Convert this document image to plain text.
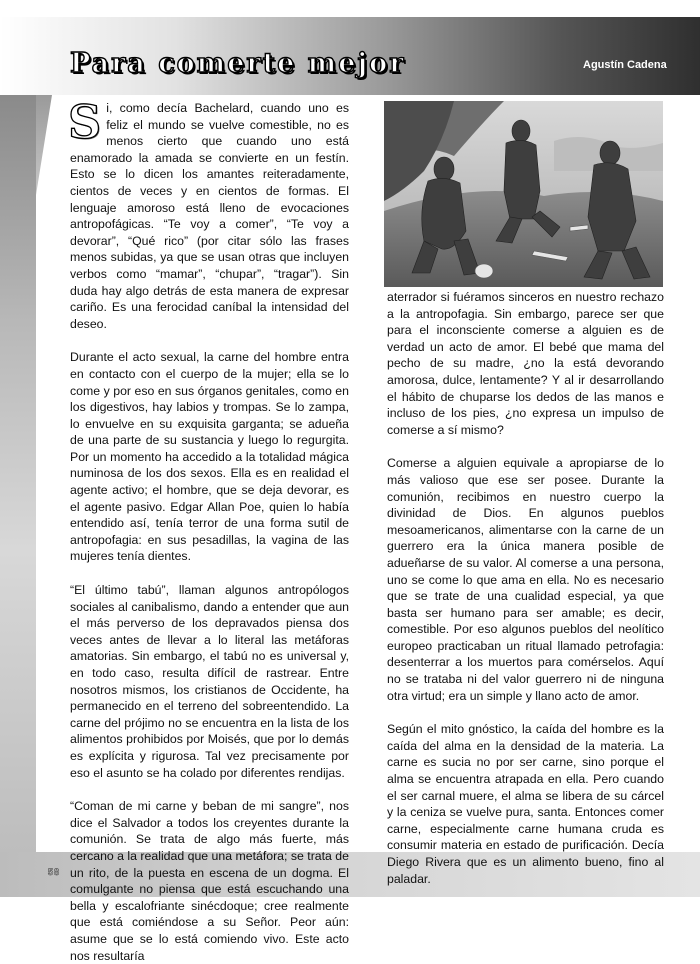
Para comerte mejor	Agustín Cadena

Si, como decía Bachelard, cuando uno es feliz el mundo se vuelve comestible, no es menos cierto que cuando uno está enamorado la amada se convierte en un festín. Esto se lo dicen los amantes reiteradamente, cientos de veces y en cientos de formas. El lenguaje amoroso está lleno de evocaciones antropofágicas. “Te voy a comer”, “Te voy a devorar”, “Qué rico” (por citar sólo las frases menos subidas, ya que se usan otras que incluyen verbos como “mamar”, “chupar”, “tragar”). Sin duda hay algo detrás de esta manera de expresar cariño. Es una ferocidad caníbal la intensidad del deseo.

Durante el acto sexual, la carne del hombre entra en contacto con el cuerpo de la mujer; ella se lo come y por eso en sus órganos genitales, como en los digestivos, hay labios y trompas. Se lo zampa, lo envuelve en su exquisita garganta; se adueña de una parte de su sustancia y luego lo regurgita. Por un momento ha accedido a la totalidad mágica numinosa de los dos sexos. Ella es en realidad el agente activo; el hombre, que se deja devorar, es el agente pasivo. Edgar Allan Poe, quien lo había entendido así, tenía terror de una forma sutil de antropofagia: en sus pesadillas, la vagina de las mujeres tenía dientes.

“El último tabú”, llaman algunos antropólogos sociales al canibalismo, dando a entender que aun el más perverso de los depravados piensa dos veces antes de llevar a lo literal las metáforas amatorias. Sin embargo, el tabú no es universal y, en todo caso, resulta difícil de rastrear. Entre nosotros mismos, los cristianos de Occidente, ha permanecido en el terreno del sobreentendido. La carne del prójimo no se encuentra en la lista de los alimentos prohibidos por Moisés, que por lo demás es explícita y rigurosa. Tal vez precisamente por eso el asunto se ha colado por diferentes rendijas.

“Coman de mi carne y beban de mi sangre”, nos dice el Salvador a todos los creyentes durante la comunión. Se trata de algo más fuerte, más cercano a la realidad que una metáfora; se trata de un rito, de la puesta en escena de un dogma. El comulgante no piensa que está escuchando una bella y escalofriante sinécdoque; cree realmente que está comiéndose a su Señor. Peor aún: asume que se lo está comiendo vivo. Este acto nos resultaría

aterrador si fuéramos sinceros en nuestro rechazo a la antropofagia. Sin embargo, parece ser que para el inconsciente comerse a alguien es de verdad un acto de amor. El bebé que mama del pecho de su madre, ¿no la está devorando amorosa, dulce, lentamente? Y al ir desarrollando el hábito de chuparse los dedos de las manos e incluso de los pies, ¿no expresa un impulso de comerse a sí mismo?

Comerse a alguien equivale a apropiarse de lo más valioso que ese ser posee. Durante la comunión, recibimos en nuestro cuerpo la divinidad de Dios. En algunos pueblos mesoamericanos, alimentarse con la carne de un guerrero era la única manera posible de adueñarse de su valor. Al comerse a una persona, uno se come lo que ama en ella. No es necesario que se trate de una cualidad especial, ya que basta ser humano para ser amable; es decir, comestible. Por eso algunos pueblos del neolítico europeo practicaban un ritual llamado petrofagia: desenterrar a los muertos para comérselos. Aquí no se trataba ni del valor guerrero ni de ninguna otra virtud; era un simple y llano acto de amor.

Según el mito gnóstico, la caída del hombre es la caída del alma en la densidad de la materia. La carne es sucia no por ser carne, sino porque el alma se encuentra atrapada en ella. Pero cuando el ser carnal muere, el alma se libera de su cárcel y la ceniza se vuelve pura, santa. Entonces comer carne, especialmente carne humana cruda es consumir materia en estado de purificación. Decía Diego Rivera que es un alimento bueno, fino al paladar.

58
